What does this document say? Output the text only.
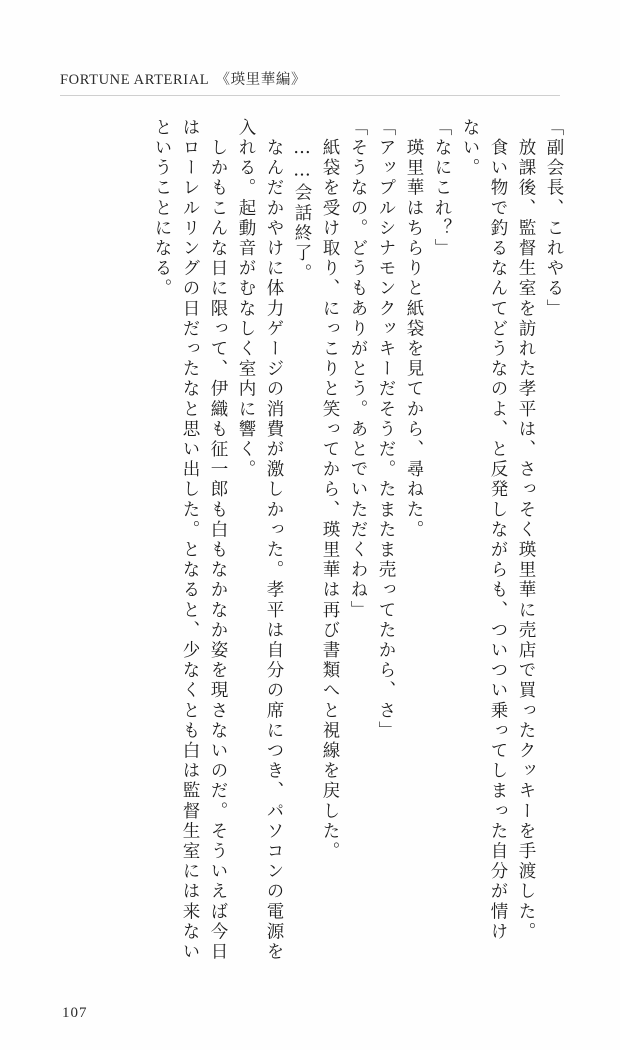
FORTUNE ARTERIAL 《瑛里華編》
「副会長、これやる」
　放課後、監督生室を訪れた孝平は、さっそく瑛里華に売店で買ったクッキーを手渡した。
　食い物で釣るなんてどうなのよ、と反発しながらも、ついつい乗ってしまった自分が情け
ない。
「なにこれ？」
　瑛里華はちらりと紙袋を見てから、尋ねた。
「アップルシナモンクッキーだそうだ。たまたま売ってたから、さ」
「そうなの。どうもありがとう。あとでいただくわね」
　紙袋を受け取り、にっこりと笑ってから、瑛里華は再び書類へと視線を戻した。
　……会話終了。
　なんだかやけに体力ゲージの消費が激しかった。孝平は自分の席につき、パソコンの電源を
入れる。起動音がむなしく室内に響く。
　しかもこんな日に限って、伊織も征一郎も白もなかなか姿を現さないのだ。そういえば今日
はローレルリングの日だったなと思い出した。となると、少なくとも白は監督生室には来ない
ということになる。
107
